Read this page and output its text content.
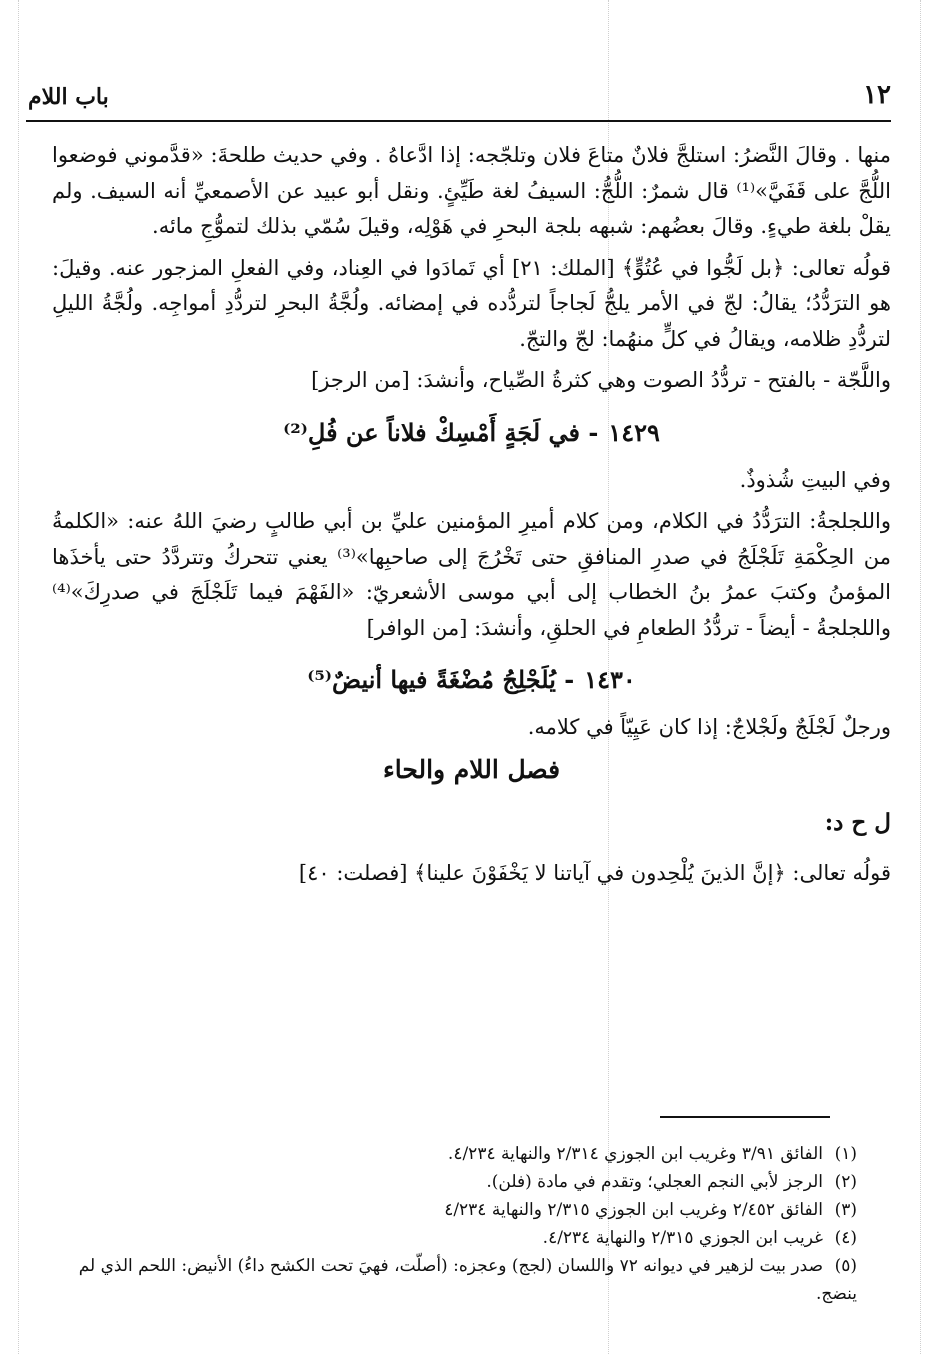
١٢
باب اللام

منها . وقالَ النَّضرُ: استلجَّ فلانٌ متاعَ فلان وتلجّجه: إذا ادَّعاهُ . وفي حديث طلحةَ: «قدَّموني فوضعوا اللُّجَّ على قَفَيَّ»⁽¹⁾ قال شمرٌ: اللُّجُّ: السيفُ لغة طَيِّئٍ. ونقل أبو عبيد عن الأصمعيِّ أنه السيف. ولم يقلْ بلغة طيءٍ. وقالَ بعضُهم: شبهه بلجة البحرِ في هَوْلِه، وقيلَ سُمّي بذلك لتموُّجِ مائه.

قولُه تعالى: ﴿بل لَجُّوا في عُتُوٍّ﴾ [الملك: ٢١] أي تَمادَوا في العِناد، وفي الفعلِ المزجور عنه. وقيلَ: هو الترَدُّدُ؛ يقالُ: لجّ في الأمر يلجُّ لَجاجاً لتردُّده في إمضائه. ولُجَّةُ البحرِ لتردُّدِ أمواجِه. ولُجَّةُ الليلِ لتردُّدِ ظلامه، ويقالُ في كلٍّ منهُما: لجّ والتجّ.

واللَّجّة - بالفتح - تردُّدُ الصوت وهي كثرةُ الصِّياح، وأنشدَ: [من الرجز]

١٤٢٩- في لَجَةٍ أَمْسِكْ فلاناً عن فُلِ⁽²⁾

وفي البيتِ شُذوذٌ.

واللجلجةُ: الترَدُّدُ في الكلام، ومن كلام أميرِ المؤمنين عليِّ بن أبي طالبٍ رضيَ اللهُ عنه: «الكلمةُ من الحِكْمَةِ تَلَجْلَجُ في صدرِ المنافقِ حتى تَخْرُجَ إلى صاحبِها»⁽³⁾ يعني تتحركُ وتتردَّدُ حتى يأخذَها المؤمنُ وكتبَ عمرُ بنُ الخطاب إلى أبي موسى الأشعريّ: «الفَهْمَ فيما تَلَجْلَجَ في صدرِكَ»⁽⁴⁾ واللجلجةُ - أيضاً - تردُّدُ الطعامِ في الحلقِ، وأنشدَ: [من الوافر]

١٤٣٠- يُلَجْلِجُ مُضْغَةً فيها أنيضٌ⁽⁵⁾

ورجلٌ لَجْلَجٌ ولَجْلاجٌ: إذا كان عَيِيّاً في كلامه.

فصل اللام والحاء
ل ح د:

قولُه تعالى: ﴿إنَّ الذينَ يُلْحِدون في آياتنا لا يَخْفَوْنَ علينا﴾ [فصلت: ٤٠]

(١)الفائق ٣/٩١ وغريب ابن الجوزي ٢/٣١٤ والنهاية ٤/٢٣٤.

(٢)الرجز لأبي النجم العجلي؛ وتقدم في مادة (فلن).

(٣)الفائق ٢/٤٥٢ وغريب ابن الجوزي ٢/٣١٥ والنهاية ٤/٢٣٤

(٤)غريب ابن الجوزي ٢/٣١٥ والنهاية ٤/٢٣٤.

(٥)صدر بيت لزهير في ديوانه ٧٢ واللسان (لجج) وعجزه: (أصلّت، فهيَ تحت الكشح داءُ) الأنيض: اللحم الذي لم ينضج.
